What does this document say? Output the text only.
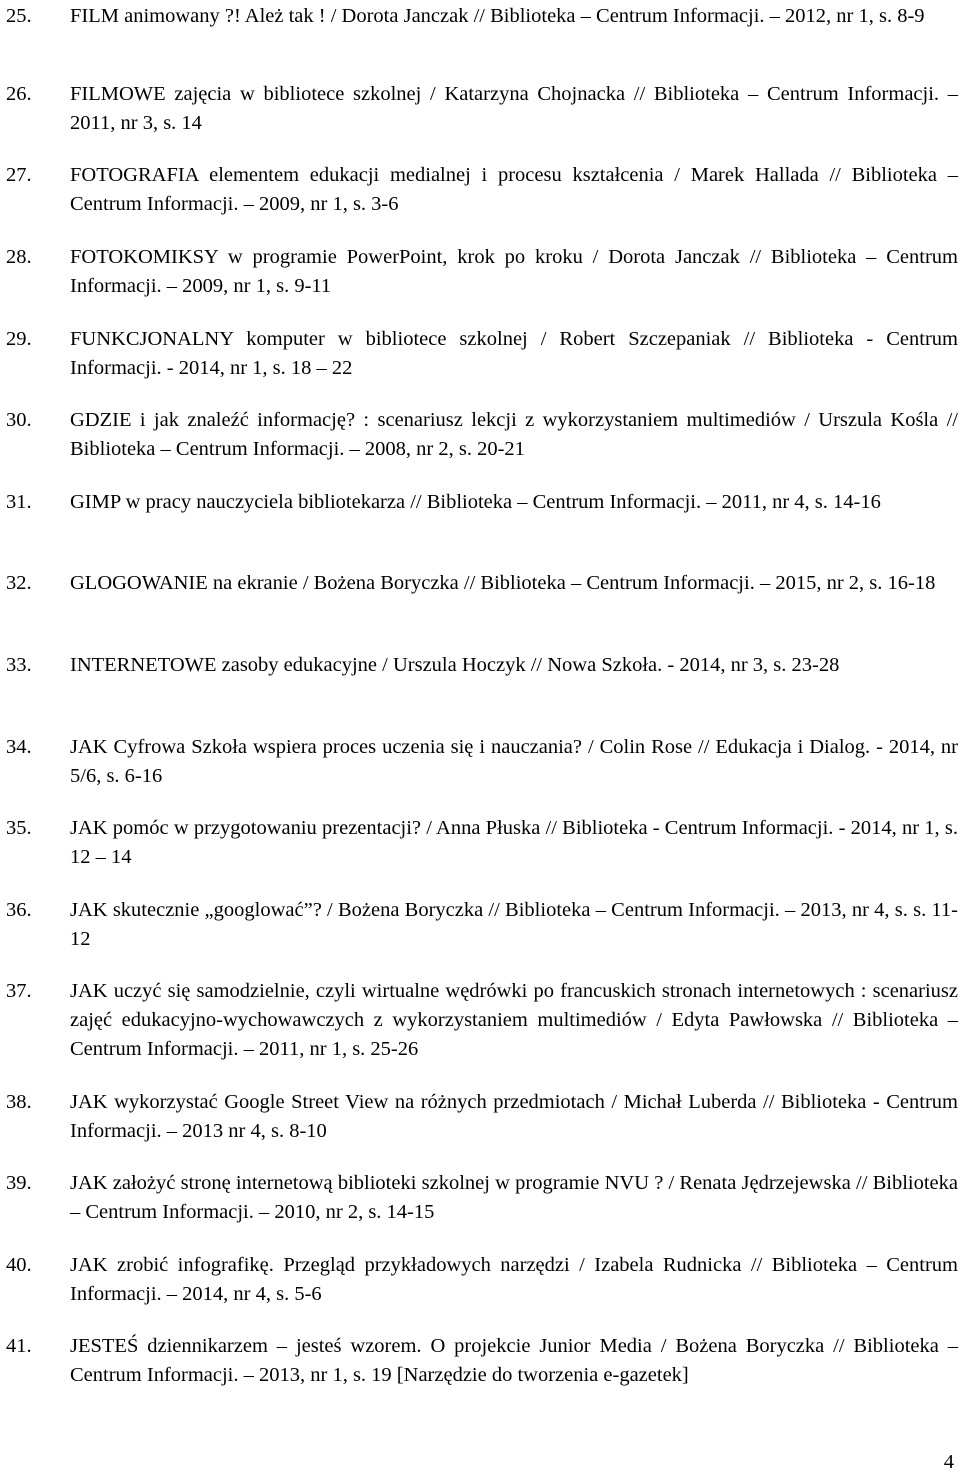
25. FILM animowany ?! Ależ tak ! / Dorota Janczak // Biblioteka – Centrum Informacji. – 2012, nr 1, s. 8-9
26. FILMOWE zajęcia w bibliotece szkolnej / Katarzyna Chojnacka // Biblioteka – Centrum Informacji. – 2011, nr 3, s. 14
27. FOTOGRAFIA elementem edukacji medialnej i procesu kształcenia / Marek Hallada // Biblioteka – Centrum Informacji. – 2009, nr 1, s. 3-6
28. FOTOKOMIKSY w programie PowerPoint, krok po kroku / Dorota Janczak // Biblioteka – Centrum Informacji. – 2009, nr 1, s. 9-11
29. FUNKCJONALNY komputer w bibliotece szkolnej / Robert Szczepaniak // Biblioteka - Centrum Informacji. - 2014, nr 1, s. 18 – 22
30. GDZIE i jak znaleźć informację? : scenariusz lekcji z wykorzystaniem multimediów / Urszula Kośla // Biblioteka – Centrum Informacji. – 2008, nr 2, s. 20-21
31. GIMP w pracy nauczyciela bibliotekarza // Biblioteka – Centrum Informacji. – 2011, nr 4, s. 14-16
32. GLOGOWANIE na ekranie / Bożena Boryczka // Biblioteka – Centrum Informacji. – 2015, nr 2, s. 16-18
33. INTERNETOWE zasoby edukacyjne / Urszula Hoczyk // Nowa Szkoła. - 2014, nr 3, s. 23-28
34. JAK Cyfrowa Szkoła wspiera proces uczenia się i nauczania? / Colin Rose // Edukacja i Dialog. - 2014, nr 5/6, s. 6-16
35. JAK pomóc w przygotowaniu prezentacji? / Anna Płuska // Biblioteka - Centrum Informacji. - 2014, nr 1, s. 12 – 14
36. JAK skutecznie „googlować”? / Bożena Boryczka // Biblioteka – Centrum Informacji. – 2013, nr 4, s. s. 11-12
37. JAK uczyć się samodzielnie, czyli wirtualne wędrówki po francuskich stronach internetowych : scenariusz zajęć edukacyjno-wychowawczych z wykorzystaniem multimediów / Edyta Pawłowska // Biblioteka – Centrum Informacji. – 2011, nr 1, s. 25-26
38. JAK wykorzystać Google Street View na różnych przedmiotach / Michał Luberda // Biblioteka - Centrum Informacji. – 2013 nr 4, s. 8-10
39. JAK założyć stronę internetową biblioteki szkolnej w programie NVU ? / Renata Jędrzejewska // Biblioteka – Centrum Informacji. – 2010, nr 2, s. 14-15
40. JAK zrobić infografikę. Przegląd przykładowych narzędzi / Izabela Rudnicka // Biblioteka – Centrum Informacji. – 2014, nr 4, s. 5-6
41. JESTEŚ dziennikarzem – jesteś wzorem. O projekcie Junior Media / Bożena Boryczka // Biblioteka – Centrum Informacji. – 2013, nr 1, s. 19 [Narzędzie do tworzenia e-gazetek]
4
